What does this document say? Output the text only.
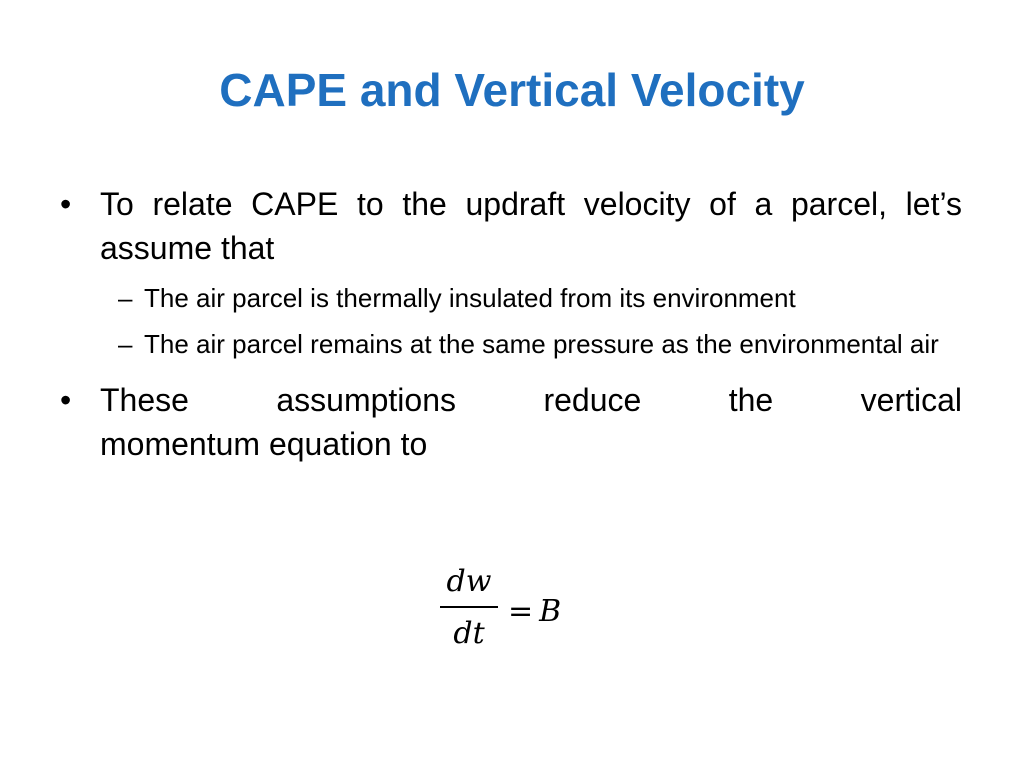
CAPE and Vertical Velocity
• To relate CAPE to the updraft velocity of a parcel, let’s assume that
– The air parcel is thermally insulated from its environment
– The air parcel remains at the same pressure as the environmental air
• These assumptions reduce the vertical
momentum equation to
dw
dt
= B
